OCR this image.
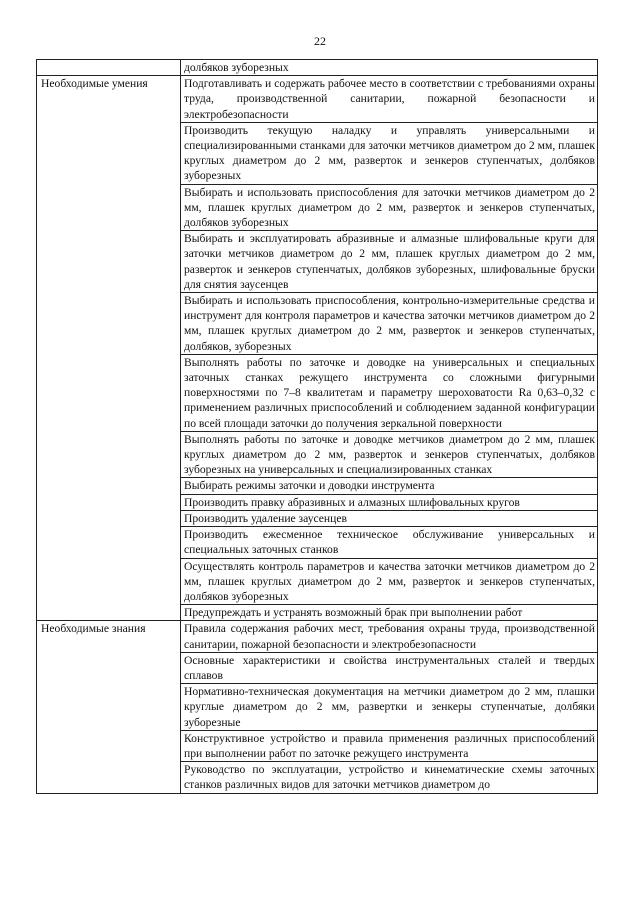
22
	долбяков зуборезных
Необходимые умения	Подготавливать и содержать рабочее место в соответствии с требованиями охраны труда, производственной санитарии, пожарной безопасности и электробезопасности
	Производить текущую наладку и управлять универсальными и специализированными станками для заточки метчиков диаметром до 2 мм, плашек круглых диаметром до 2 мм, разверток и зенкеров ступенчатых, долбяков зуборезных
	Выбирать и использовать приспособления для заточки метчиков диаметром до 2 мм, плашек круглых диаметром до 2 мм, разверток и зенкеров ступенчатых, долбяков зуборезных
	Выбирать и эксплуатировать абразивные и алмазные шлифовальные круги для заточки метчиков диаметром до 2 мм, плашек круглых диаметром до 2 мм, разверток и зенкеров ступенчатых, долбяков зуборезных, шлифовальные бруски для снятия заусенцев
	Выбирать и использовать приспособления, контрольно-измерительные средства и инструмент для контроля параметров и качества заточки метчиков диаметром до 2 мм, плашек круглых диаметром до 2 мм, разверток и зенкеров ступенчатых, долбяков, зуборезных
	Выполнять работы по заточке и доводке на универсальных и специальных заточных станках режущего инструмента со сложными фигурными поверхностями по 7–8 квалитетам и параметру шероховатости Ra 0,63–0,32 с применением различных приспособлений и соблюдением заданной конфигурации по всей площади заточки до получения зеркальной поверхности
	Выполнять работы по заточке и доводке метчиков диаметром до 2 мм, плашек круглых диаметром до 2 мм, разверток и зенкеров ступенчатых, долбяков зуборезных на универсальных и специализированных станках
	Выбирать режимы заточки и доводки инструмента
	Производить правку абразивных и алмазных шлифовальных кругов
	Производить удаление заусенцев
	Производить ежесменное техническое обслуживание универсальных и специальных заточных станков
	Осуществлять контроль параметров и качества заточки метчиков диаметром до 2 мм, плашек круглых диаметром до 2 мм, разверток и зенкеров ступенчатых, долбяков зуборезных
	Предупреждать и устранять возможный брак при выполнении работ
Необходимые знания	Правила содержания рабочих мест, требования охраны труда, производственной санитарии, пожарной безопасности и электробезопасности
	Основные характеристики и свойства инструментальных сталей и твердых сплавов
	Нормативно-техническая документация на метчики диаметром до 2 мм, плашки круглые диаметром до 2 мм, развертки и зенкеры ступенчатые, долбяки зуборезные
	Конструктивное устройство и правила применения различных приспособлений при выполнении работ по заточке режущего инструмента
	Руководство по эксплуатации, устройство и кинематические схемы заточных станков различных видов для заточки метчиков диаметром до
